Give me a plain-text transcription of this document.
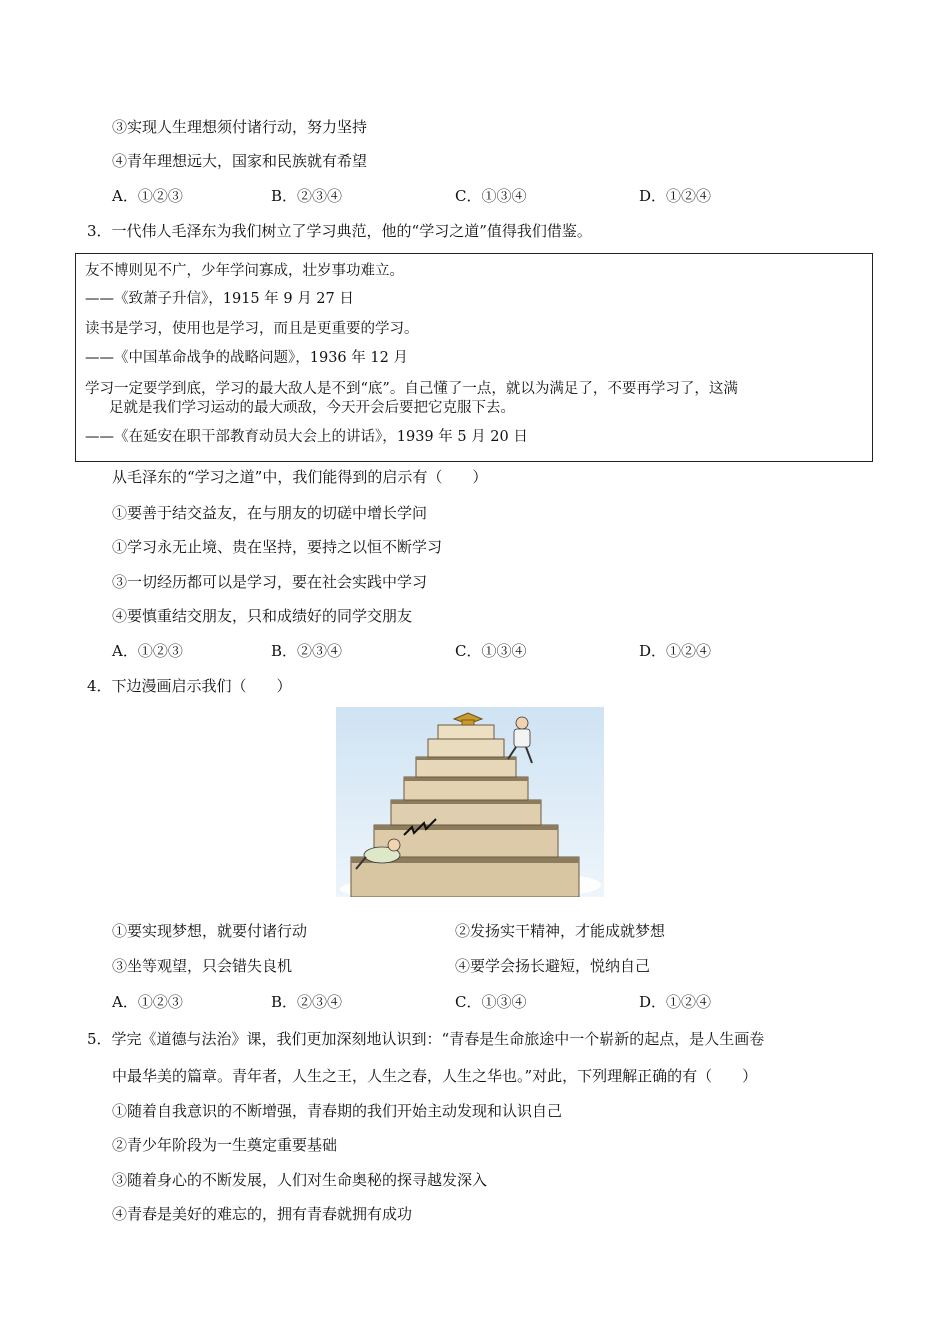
③实现人生理想须付诸行动，努力坚持
④青年理想远大，国家和民族就有希望
A．①②③	B．②③④	C．①③④	D．①②④
3．一代伟人毛泽东为我们树立了学习典范，他的“学习之道”值得我们借鉴。
友不博则见不广，少年学问寡成，壮岁事功难立。
——《致萧子升信》，1915 年 9 月 27 日
读书是学习，使用也是学习，而且是更重要的学习。
——《中国革命战争的战略问题》，1936 年 12 月
学习一定要学到底，学习的最大敌人是不到“底”。自己懂了一点，就以为满足了，不要再学习了，这满
足就是我们学习运动的最大顽敌，今天开会后要把它克服下去。
——《在延安在职干部教育动员大会上的讲话》，1939 年 5 月 20 日
从毛泽东的“学习之道”中，我们能得到的启示有（　　）
①要善于结交益友，在与朋友的切磋中增长学问
①学习永无止境、贵在坚持，要持之以恒不断学习
③一切经历都可以是学习，要在社会实践中学习
④要慎重结交朋友，只和成绩好的同学交朋友
A．①②③	B．②③④	C．①③④	D．①②④
4．下边漫画启示我们（　　）
①要实现梦想，就要付诸行动	②发扬实干精神，才能成就梦想
③坐等观望，只会错失良机	④要学会扬长避短，悦纳自己
A．①②③	B．②③④	C．①③④	D．①②④
5．学完《道德与法治》课，我们更加深刻地认识到：“青春是生命旅途中一个崭新的起点，是人生画卷
中最华美的篇章。青年者，人生之王，人生之春，人生之华也。”对此，下列理解正确的有（　　）
①随着自我意识的不断增强，青春期的我们开始主动发现和认识自己
②青少年阶段为一生奠定重要基础
③随着身心的不断发展，人们对生命奥秘的探寻越发深入
④青春是美好的难忘的，拥有青春就拥有成功
